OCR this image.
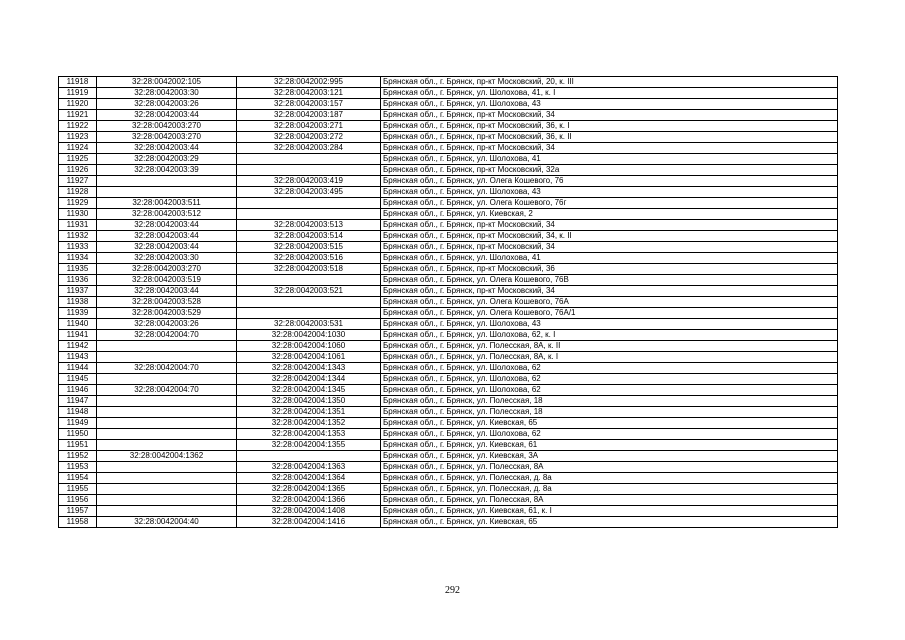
11918	32:28:0042002:105	32:28:0042002:995	Брянская обл., г. Брянск, пр-кт Московский, 20, к. III
11919	32:28:0042003:30	32:28:0042003:121	Брянская обл., г. Брянск, ул. Шолохова, 41, к. I
11920	32:28:0042003:26	32:28:0042003:157	Брянская обл., г. Брянск, ул. Шолохова, 43
11921	32:28:0042003:44	32:28:0042003:187	Брянская обл., г. Брянск, пр-кт Московский, 34
11922	32:28:0042003:270	32:28:0042003:271	Брянская обл., г. Брянск, пр-кт Московский, 36, к. I
11923	32:28:0042003:270	32:28:0042003:272	Брянская обл., г. Брянск, пр-кт Московский, 36, к. II
11924	32:28:0042003:44	32:28:0042003:284	Брянская обл., г. Брянск, пр-кт Московский, 34
11925	32:28:0042003:29		Брянская обл., г. Брянск, ул. Шолохова, 41
11926	32:28:0042003:39		Брянская обл., г. Брянск, пр-кт Московский, 32а
11927		32:28:0042003:419	Брянская обл., г. Брянск, ул. Олега Кошевого, 76
11928		32:28:0042003:495	Брянская обл., г. Брянск, ул. Шолохова, 43
11929	32:28:0042003:511		Брянская обл., г. Брянск, ул. Олега Кошевого, 76г
11930	32:28:0042003:512		Брянская обл., г. Брянск, ул. Киевская, 2
11931	32:28:0042003:44	32:28:0042003:513	Брянская обл., г. Брянск, пр-кт Московский, 34
11932	32:28:0042003:44	32:28:0042003:514	Брянская обл., г. Брянск, пр-кт Московский, 34, к. II
11933	32:28:0042003:44	32:28:0042003:515	Брянская обл., г. Брянск, пр-кт Московский, 34
11934	32:28:0042003:30	32:28:0042003:516	Брянская обл., г. Брянск, ул. Шолохова, 41
11935	32:28:0042003:270	32:28:0042003:518	Брянская обл., г. Брянск, пр-кт Московский, 36
11936	32:28:0042003:519		Брянская обл., г. Брянск, ул. Олега Кошевого, 76В
11937	32:28:0042003:44	32:28:0042003:521	Брянская обл., г. Брянск, пр-кт Московский, 34
11938	32:28:0042003:528		Брянская обл., г. Брянск, ул. Олега Кошевого, 76А
11939	32:28:0042003:529		Брянская обл., г. Брянск, ул. Олега Кошевого, 76А/1
11940	32:28:0042003:26	32:28:0042003:531	Брянская обл., г. Брянск, ул. Шолохова, 43
11941	32:28:0042004:70	32:28:0042004:1030	Брянская обл., г. Брянск, ул. Шолохова, 62, к. I
11942		32:28:0042004:1060	Брянская обл., г. Брянск, ул. Полесская, 8А, к. II
11943		32:28:0042004:1061	Брянская обл., г. Брянск, ул. Полесская, 8А, к. I
11944	32:28:0042004:70	32:28:0042004:1343	Брянская обл., г. Брянск, ул. Шолохова, 62
11945		32:28:0042004:1344	Брянская обл., г. Брянск, ул. Шолохова, 62
11946	32:28:0042004:70	32:28:0042004:1345	Брянская обл., г. Брянск, ул. Шолохова, 62
11947		32:28:0042004:1350	Брянская обл., г. Брянск, ул. Полесская, 18
11948		32:28:0042004:1351	Брянская обл., г. Брянск, ул. Полесская, 18
11949		32:28:0042004:1352	Брянская обл., г. Брянск, ул. Киевская, 65
11950		32:28:0042004:1353	Брянская обл., г. Брянск, ул. Шолохова, 62
11951		32:28:0042004:1355	Брянская обл., г. Брянск, ул. Киевская, 61
11952	32:28:0042004:1362		Брянская обл., г. Брянск, ул. Киевская, 3А
11953		32:28:0042004:1363	Брянская обл., г. Брянск, ул. Полесская, 8А
11954		32:28:0042004:1364	Брянская обл., г. Брянск, ул. Полесская, д. 8а
11955		32:28:0042004:1365	Брянская обл., г. Брянск, ул. Полесская, д. 8а
11956		32:28:0042004:1366	Брянская обл., г. Брянск, ул. Полесская, 8А
11957		32:28:0042004:1408	Брянская обл., г. Брянск, ул. Киевская, 61, к. I
11958	32:28:0042004:40	32:28:0042004:1416	Брянская обл., г. Брянск, ул. Киевская, 65
292
